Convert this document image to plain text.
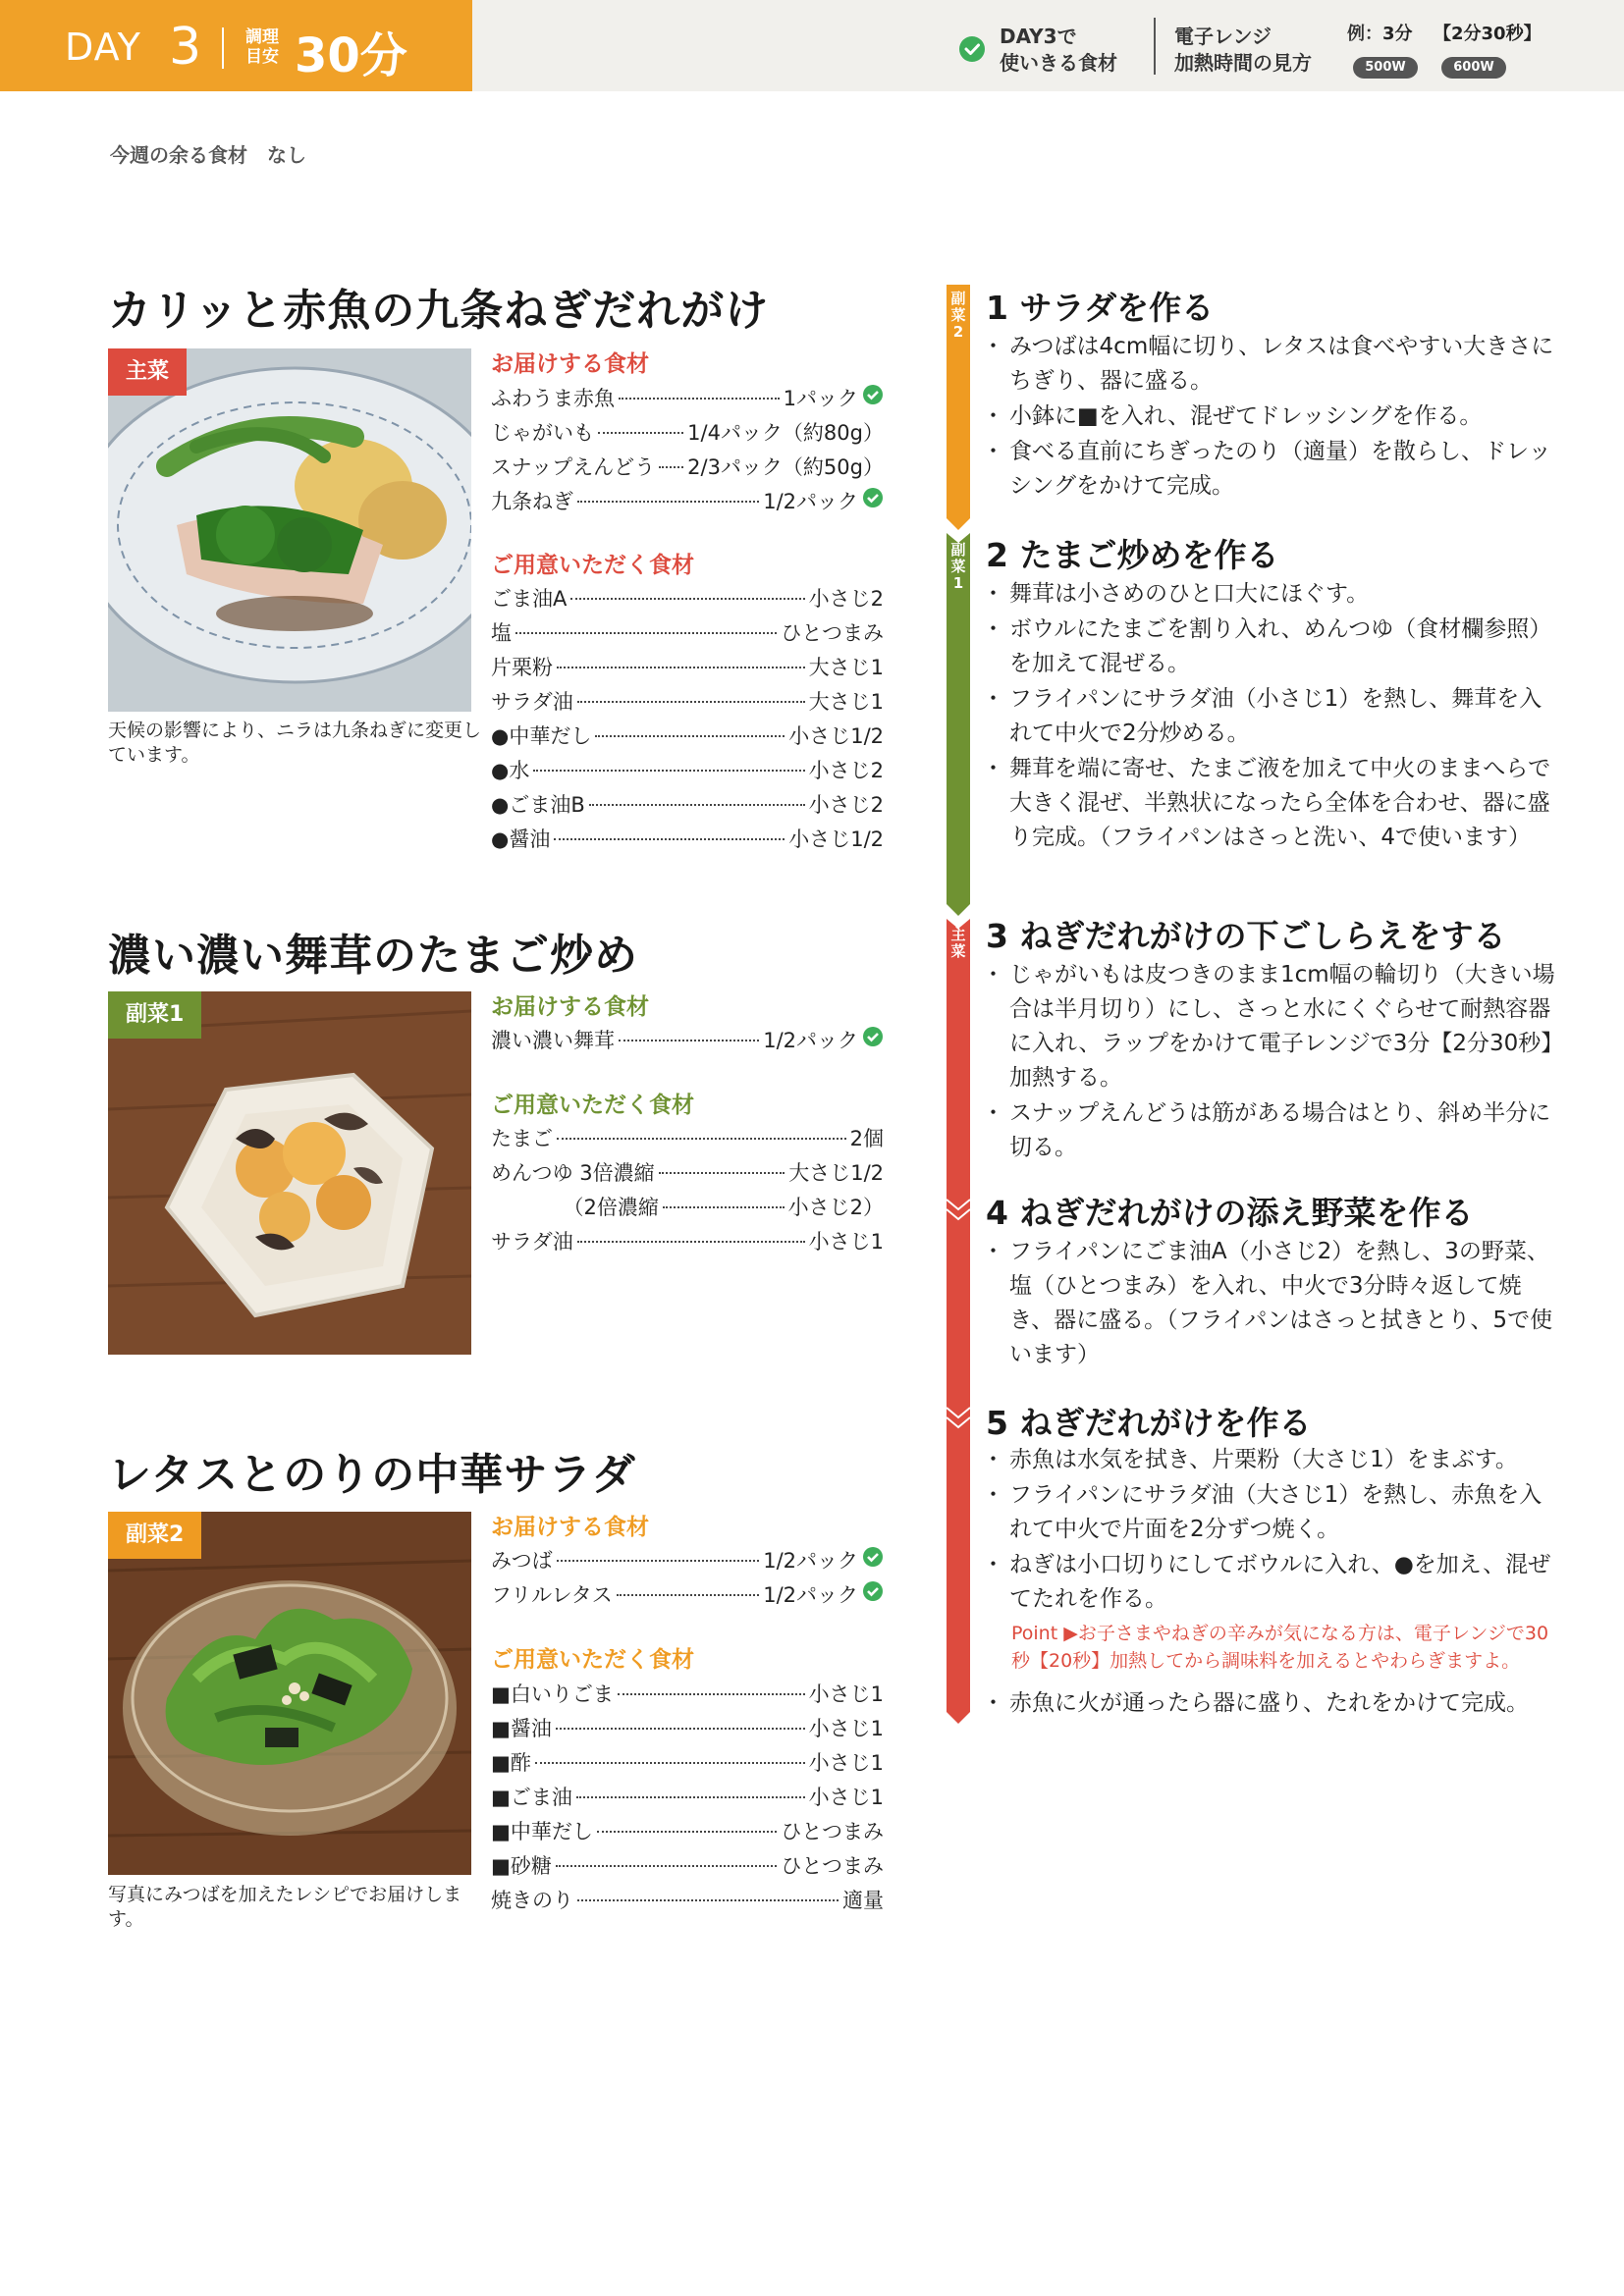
DAY 3	調理
目安 30分	DAY3で
使いきる食材
電子レンジ
加熱時間の見方
例： 3分 【2分30秒】
500W	600W
今週の余る食材　なし
カリッと赤魚の九条ねぎだれがけ
主菜
天候の影響により、ニラは九条ねぎに変更しています。
お届けする食材
ふわうま赤魚	1パック
じゃがいも	1/4パック（約80g）
スナップえんどう 2/3パック（約50g）
九条ねぎ	1/2パック
ご用意いただく食材
ごま油A	小さじ2
塩	ひとつまみ
片栗粉	大さじ1
サラダ油	大さじ1
●中華だし	小さじ1/2
●水	小さじ2
●ごま油B	小さじ2
●醤油	小さじ1/2
濃い濃い舞茸のたまご炒め
副菜1	お届けする食材
濃い濃い舞茸	1/2パック
ご用意いただく食材
たまご	2個
めんつゆ 3倍濃縮	大さじ1/2
　　　　（2倍濃縮	小さじ2）
サラダ油	小さじ1
レタスとのりの中華サラダ
副菜2
写真にみつばを加えたレシピでお届けします。
お届けする食材
みつば	1/2パック
フリルレタス	1/2パック
ご用意いただく食材
■白いりごま	小さじ1
■醤油	小さじ1
■酢	小さじ1
■ごま油	小さじ1
■中華だし	ひとつまみ
■砂糖	ひとつまみ
焼きのり	適量
副
菜
2
副
菜
1
主
菜
1 サラダを作る
・ みつばは4cm幅に切り、レタスは食べやすい大きさにちぎり、器に盛る。
・ 小鉢に■を入れ、混ぜてドレッシングを作る。
・ 食べる直前にちぎったのり（適量）を散らし、ドレッシングをかけて完成。
2 たまご炒めを作る
・ 舞茸は小さめのひと口大にほぐす。
・ ボウルにたまごを割り入れ、めんつゆ（食材欄参照）を加えて混ぜる。
・ フライパンにサラダ油（小さじ1）を熱し、舞茸を入れて中火で2分炒める。
・ 舞茸を端に寄せ、たまご液を加えて中火のままへらで大きく混ぜ、半熟状になったら全体を合わせ、器に盛り完成。（フライパンはさっと洗い、4で使います）
3 ねぎだれがけの下ごしらえをする
・ じゃがいもは皮つきのまま1cm幅の輪切り（大きい場合は半月切り）にし、さっと水にくぐらせて耐熱容器に入れ、ラップをかけて電子レンジで3分【2分30秒】加熱する。
・ スナップえんどうは筋がある場合はとり、斜め半分に切る。
4 ねぎだれがけの添え野菜を作る
・ フライパンにごま油A（小さじ2）を熱し、3の野菜、塩（ひとつまみ）を入れ、中火で3分時々返して焼き、器に盛る。（フライパンはさっと拭きとり、5で使います）
5 ねぎだれがけを作る
・ 赤魚は水気を拭き、片栗粉（大さじ1）をまぶす。
・ フライパンにサラダ油（大さじ1）を熱し、赤魚を入れて中火で片面を2分ずつ焼く。
・ ねぎは小口切りにしてボウルに入れ、●を加え、混ぜてたれを作る。
Point ▶お子さまやねぎの辛みが気になる方は、電子レンジで30秒【20秒】加熱してから調味料を加えるとやわらぎますよ。
・ 赤魚に火が通ったら器に盛り、たれをかけて完成。
